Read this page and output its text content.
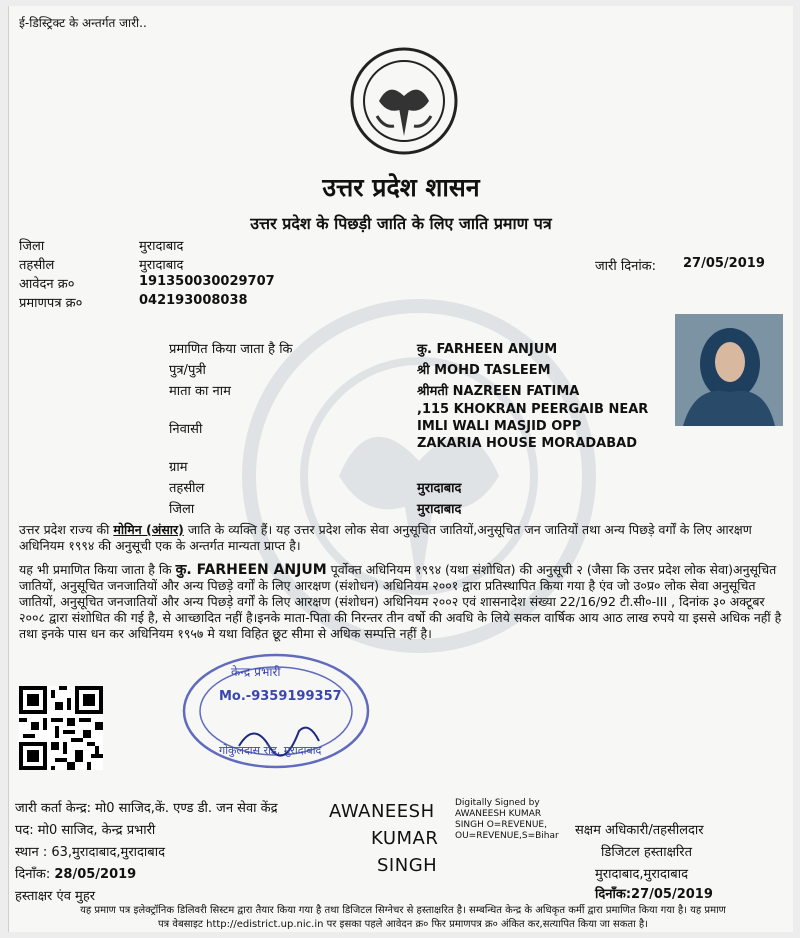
ई-डिस्ट्रिक्ट के अन्तर्गत जारी..
उत्तर प्रदेश शासन
उत्तर प्रदेश के पिछड़ी जाति के लिए जाति प्रमाण पत्र
जिला	मुरादाबाद
तहसील	मुरादाबाद
आवेदन क्र०	191350030029707
प्रमाणपत्र क्र०	042193008038
जारी दिनांक: 27/05/2019
प्रमाणित किया जाता है कि	कु. FARHEEN ANJUM
पुत्र/पुत्री	श्री MOHD TASLEEM
माता का नाम	श्रीमती NAZREEN FATIMA
,115 KHOKRAN PEERGAIB NEAR
निवासी	IMLI WALI MASJID OPP
ZAKARIA HOUSE MORADABAD
ग्राम
तहसील	मुरादाबाद
जिला	मुरादाबाद
उत्तर प्रदेश राज्य की मोमिन (अंसार) जाति के व्यक्ति हैं। यह उत्तर प्रदेश लोक सेवा अनुसूचित जातियों,अनुसूचित जन जातियों तथा अन्य पिछड़े वर्गों के लिए आरक्षण अधिनियम १९९४ की अनुसूची एक के अन्तर्गत मान्यता प्राप्त है।
यह भी प्रमाणित किया जाता है कि कु. FARHEEN ANJUM पूर्वोक्त अधिनियम १९९४ (यथा संशोधित) की अनुसूची २ (जैसा कि उत्तर प्रदेश लोक सेवा)अनुसूचित जातियों, अनुसूचित जनजातियों और अन्य पिछड़े वर्गों के लिए आरक्षण (संशोधन) अधिनियम २००१ द्वारा प्रतिस्थापित किया गया है एंव जो उ०प्र० लोक सेवा अनुसूचित जातियों, अनुसूचित जनजातियों और अन्य पिछड़े वर्गों के लिए आरक्षण (संशोधन) अधिनियम २००२ एवं शासनादेश संख्या 22/16/92 टी.सी०-III , दिनांक ३० अक्टूबर २००८ द्वारा संशोधित की गई है, से आच्छादित नहीं है।इनके माता-पिता की निरन्तर तीन वर्षो की अवधि के लिये सकल वार्षिक आय आठ लाख रुपये या इससे अधिक नहीं है तथा इनके पास धन कर अधिनियम १९५७ मे यथा विहित छूट सीमा से अधिक सम्पत्ति नहीं है।
केन्द्र प्रभारी
Mo.-9359199357
गोकुलदास रोड, मुरादाबाद
जारी कर्ता केन्द्र: मो0 साजिद,कें. एण्ड डी. जन सेवा केंद्र
पद: मो0 साजिद, केन्द्र प्रभारी
स्थान : 63,मुरादाबाद,मुरादाबाद
दिनाँक: 28/05/2019
हस्ताक्षर एंव मुहर
AWANEESH
KUMAR
SINGH
Digitally Signed by
AWANEESH KUMAR
SINGH O=REVENUE,
OU=REVENUE,S=Bihar सक्षम अधिकारी/तहसीलदार
डिजिटल हस्ताक्षरित
मुरादाबाद,मुरादाबाद
दिनाँक:27/05/2019
यह प्रमाण पत्र इलेक्ट्रॉनिक डिलिवरी सिस्टम द्वारा तैयार किया गया है तथा डिजिटल सिग्नेचर से हस्ताक्षरित है। सम्बन्धित केन्द्र के अधिकृत कर्मी द्वारा प्रमाणित किया गया है। यह प्रमाण
पत्र वेबसाइट http://edistrict.up.nic.in पर इसका पहले आवेदन क्र० फिर प्रमाणपत्र क्र० अंकित कर,सत्यापित किया जा सकता है।
